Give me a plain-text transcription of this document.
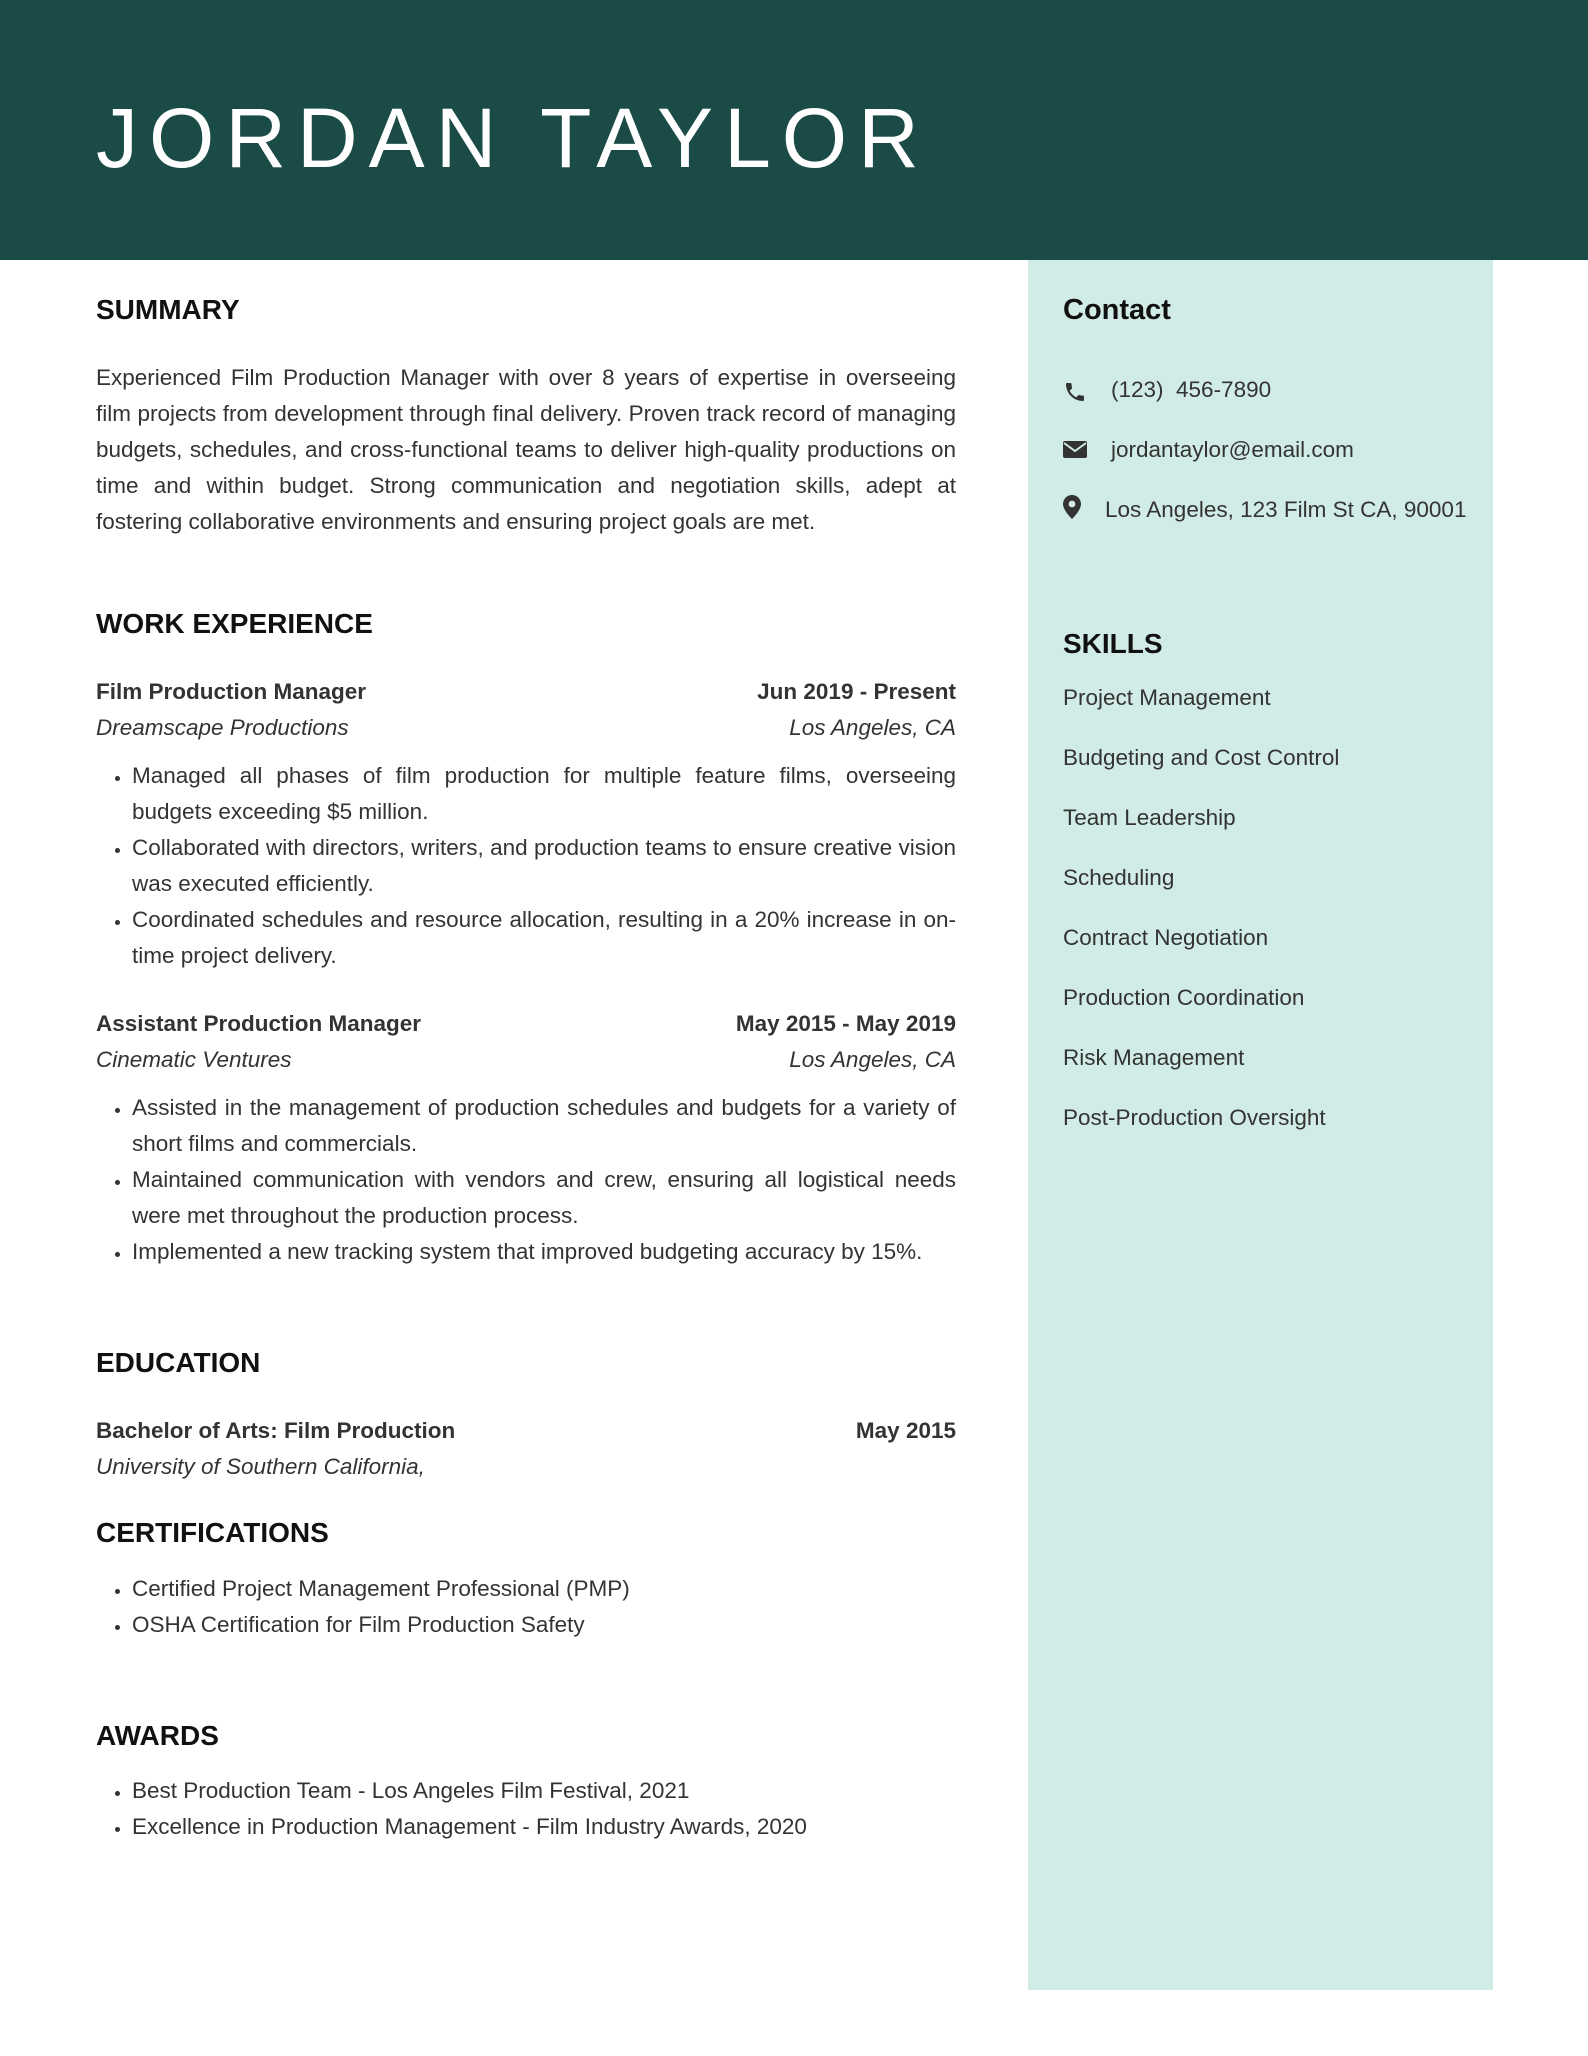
JORDAN TAYLOR
SUMMARY

Experienced Film Production Manager with over 8 years of expertise in overseeing film projects from development through final delivery. Proven track record of managing budgets, schedules, and cross-functional teams to deliver high-quality productions on time and within budget. Strong communication and negotiation skills, adept at fostering collaborative environments and ensuring project goals are met.

WORK EXPERIENCE
Film Production Manager	Jun 2019 - Present
Dreamscape Productions	Los Angeles, CA
• Managed all phases of film production for multiple feature films, overseeing budgets exceeding $5 million.
• Collaborated with directors, writers, and production teams to ensure creative vision was executed efficiently.
• Coordinated schedules and resource allocation, resulting in a 20% increase in on-time project delivery.
Assistant Production Manager	May 2015 - May 2019
Cinematic Ventures	Los Angeles, CA
• Assisted in the management of production schedules and budgets for a variety of short films and commercials.
• Maintained communication with vendors and crew, ensuring all logistical needs were met throughout the production process.
• Implemented a new tracking system that improved budgeting accuracy by 15%.
EDUCATION
Bachelor of Arts: Film Production	May 2015
University of Southern California,
CERTIFICATIONS
• Certified Project Management Professional (PMP)
• OSHA Certification for Film Production Safety
AWARDS
• Best Production Team - Los Angeles Film Festival, 2021
• Excellence in Production Management - Film Industry Awards, 2020
Contact
(123)  456-7890
jordantaylor@email.com
Los Angeles, 123 Film St CA, 90001
SKILLS
Project Management
Budgeting and Cost Control
Team Leadership
Scheduling
Contract Negotiation
Production Coordination
Risk Management
Post-Production Oversight
